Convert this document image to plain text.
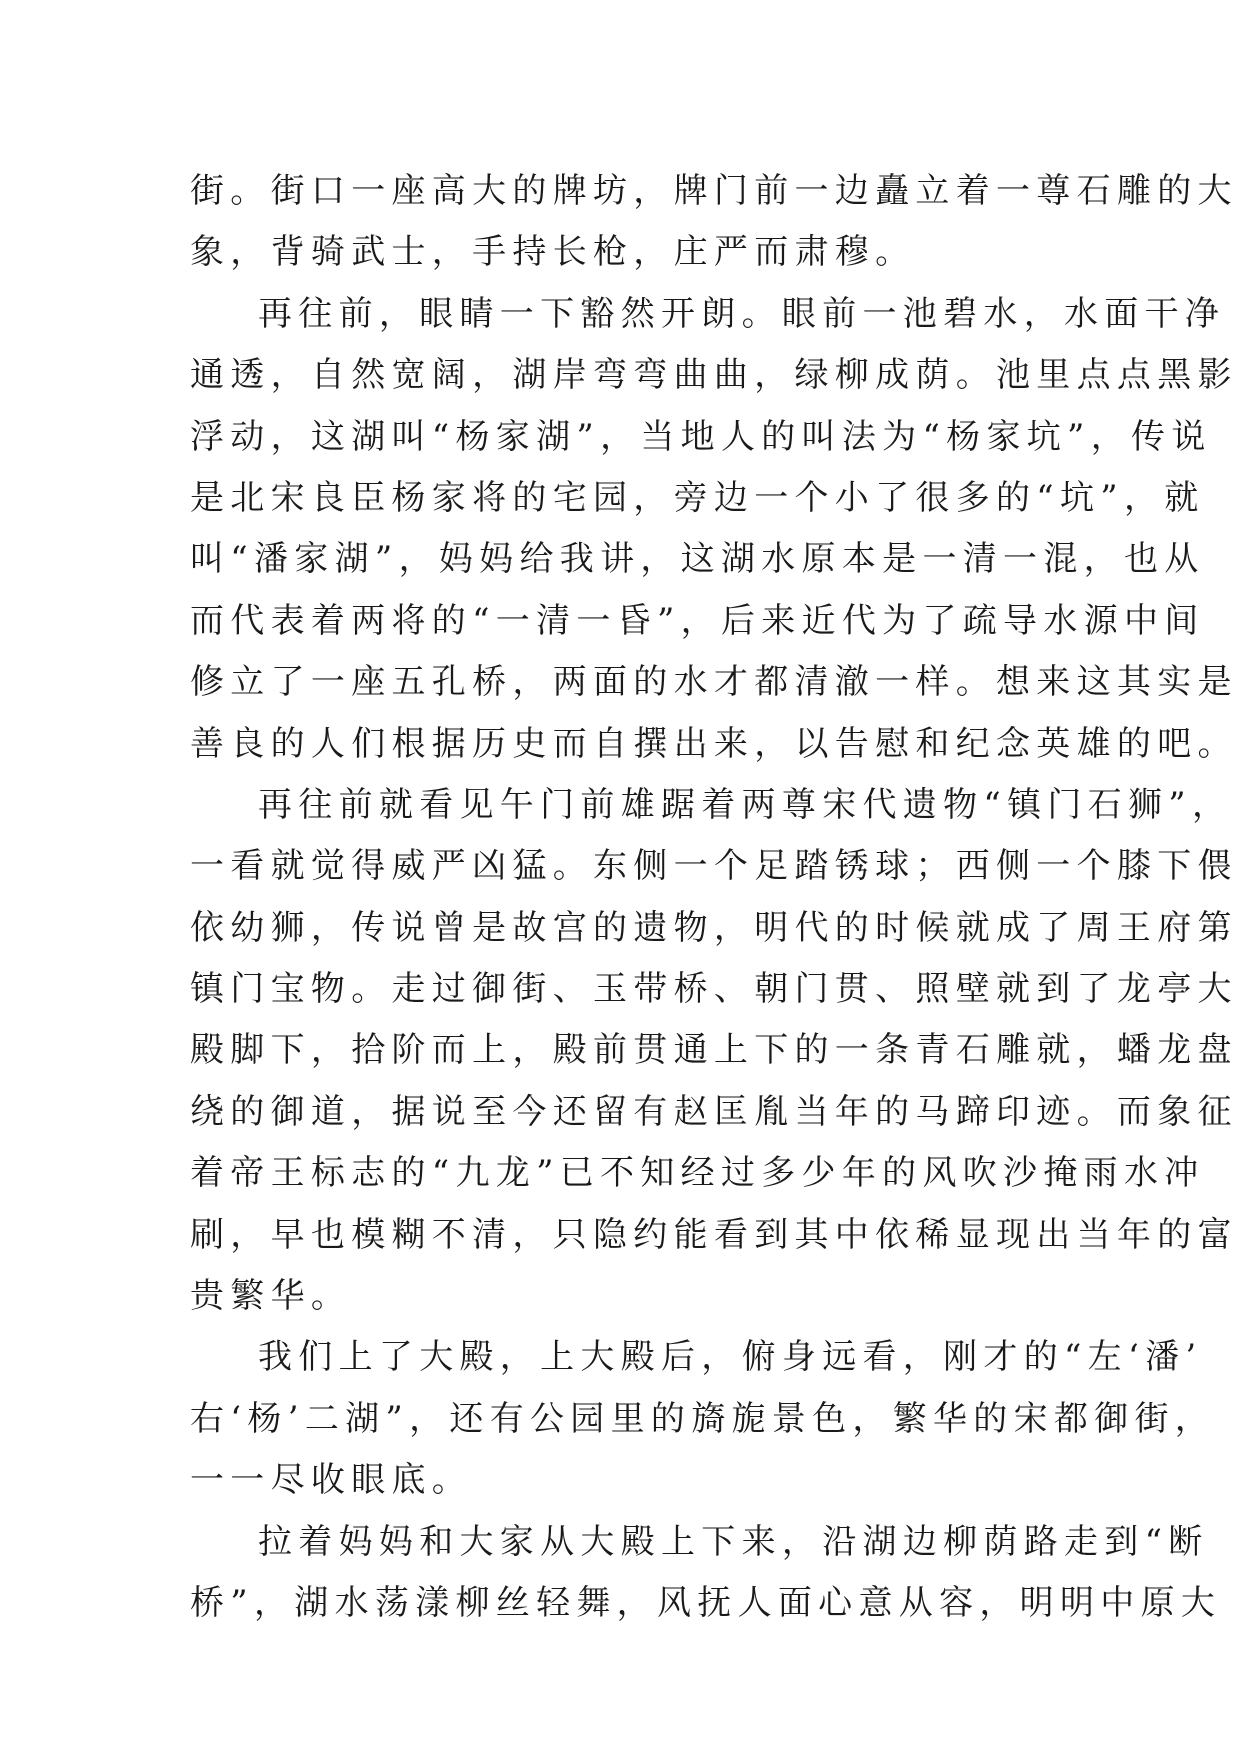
街。街口一座高大的牌坊，牌门前一边矗立着一尊石雕的大
象，背骑武士，手持长枪，庄严而肃穆。
再往前，眼睛一下豁然开朗。眼前一池碧水，水面干净
通透，自然宽阔，湖岸弯弯曲曲，绿柳成荫。池里点点黑影
浮动，这湖叫“杨家湖”，当地人的叫法为“杨家坑”，传说
是北宋良臣杨家将的宅园，旁边一个小了很多的“坑”，就
叫“潘家湖”，妈妈给我讲，这湖水原本是一清一混，也从
而代表着两将的“一清一昏”，后来近代为了疏导水源中间
修立了一座五孔桥，两面的水才都清澈一样。想来这其实是
善良的人们根据历史而自撰出来，以告慰和纪念英雄的吧。
再往前就看见午门前雄踞着两尊宋代遗物“镇门石狮”，
一看就觉得威严凶猛。东侧一个足踏锈球；西侧一个膝下偎
依幼狮，传说曾是故宫的遗物，明代的时候就成了周王府第
镇门宝物。走过御街、玉带桥、朝门贯、照壁就到了龙亭大
殿脚下，拾阶而上，殿前贯通上下的一条青石雕就，蟠龙盘
绕的御道，据说至今还留有赵匡胤当年的马蹄印迹。而象征
着帝王标志的“九龙”已不知经过多少年的风吹沙掩雨水冲
刷，早也模糊不清，只隐约能看到其中依稀显现出当年的富
贵繁华。
我们上了大殿，上大殿后，俯身远看，刚才的“左‘潘’
右‘杨’二湖”，还有公园里的旖旎景色，繁华的宋都御街，
一一尽收眼底。
拉着妈妈和大家从大殿上下来，沿湖边柳荫路走到“断
桥”，湖水荡漾柳丝轻舞，风抚人面心意从容，明明中原大
